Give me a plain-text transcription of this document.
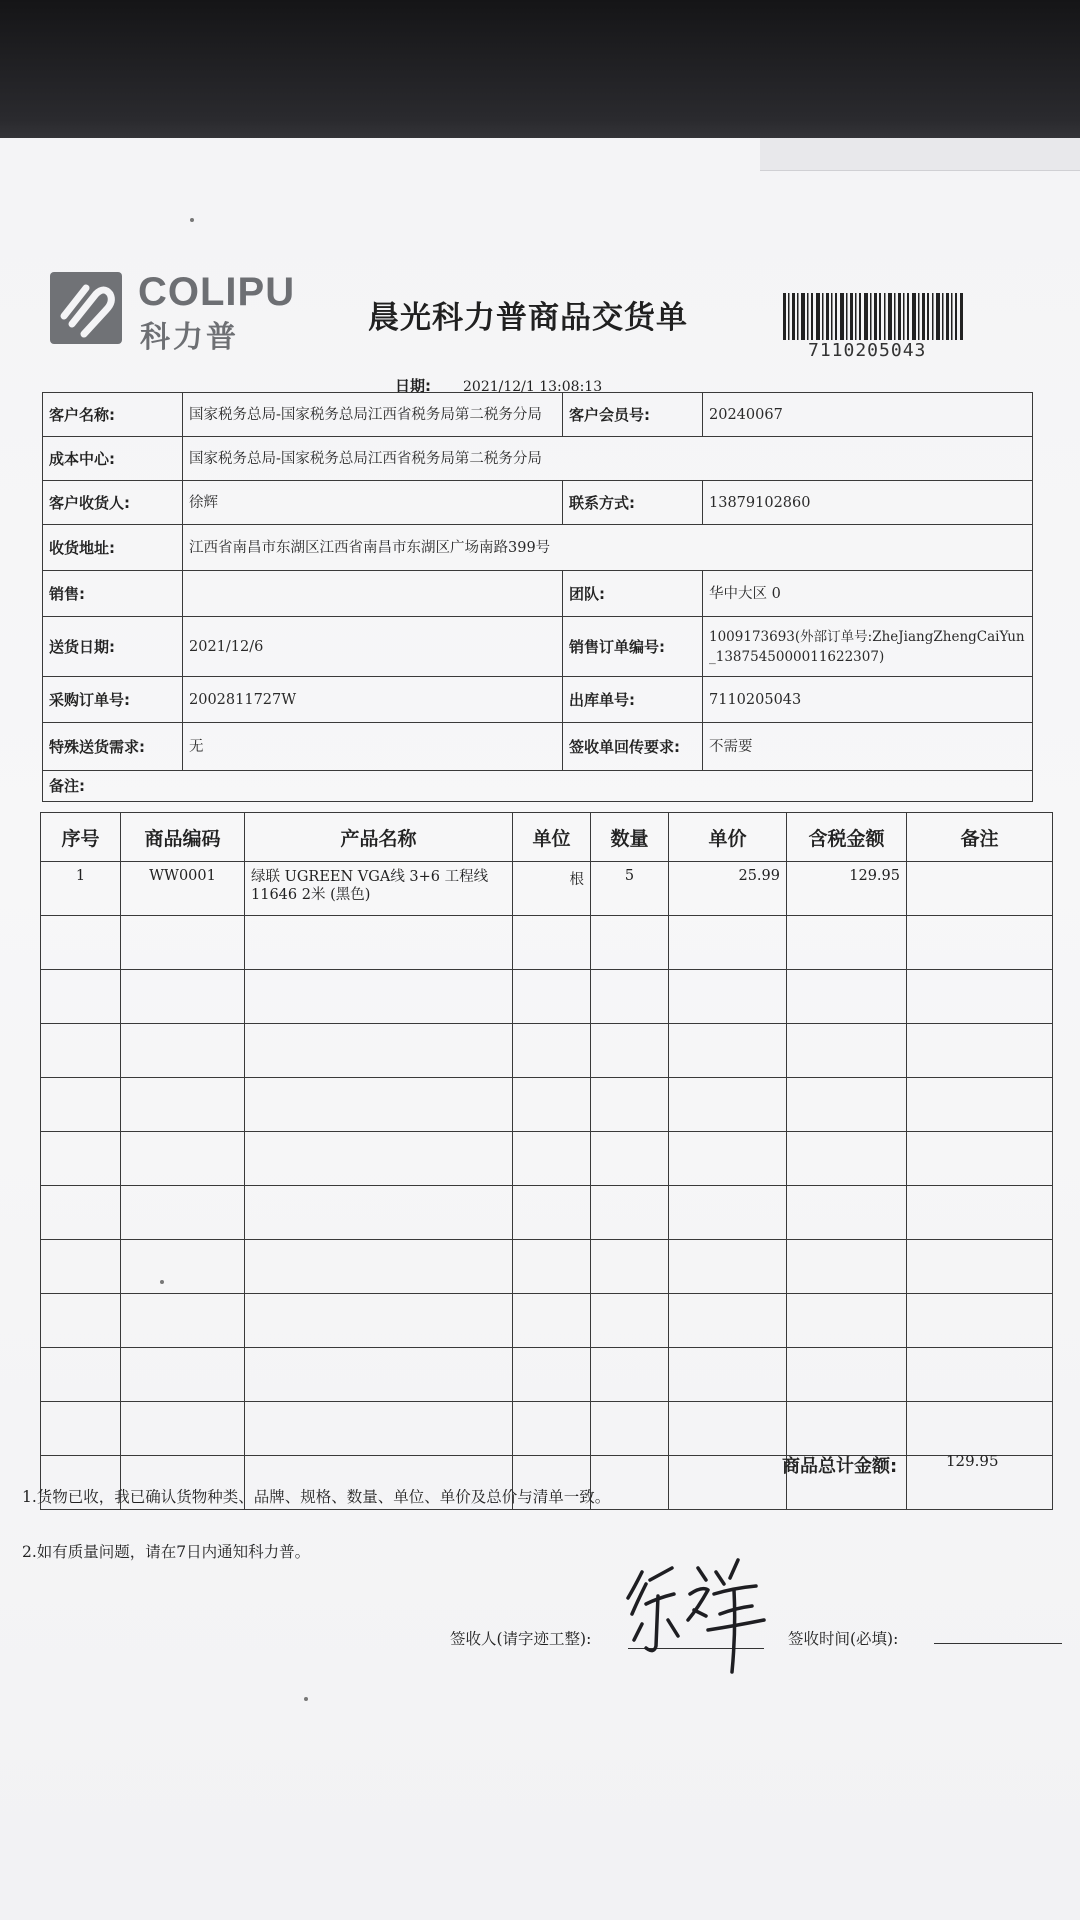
COLIPU
科力普
晨光科力普商品交货单
7110205043
日期: 2021/12/1 13:08:13
客户名称:	国家税务总局-国家税务总局江西省税务局第二税务分局	客户会员号:	20240067
成本中心:	国家税务总局-国家税务总局江西省税务局第二税务分局		
客户收货人:	徐辉	联系方式:	13879102860
收货地址:	江西省南昌市东湖区江西省南昌市东湖区广场南路399号		
销售:		团队:	华中大区 0
送货日期:	2021/12/6	销售订单编号:	1009173693(外部订单号:ZheJiangZhengCaiYun_1387545000011622307)
采购订单号:	2002811727W	出库单号:	7110205043
特殊送货需求:	无	签收单回传要求:	不需要
备注:			
序号	商品编码	产品名称	单位	数量	单价	含税金额	备注
1	WW0001	绿联 UGREEN VGA线 3+6 工程线 11646 2米 (黑色)	根	5	25.99	129.95	

商品总计金额:	129.95
1.货物已收，我已确认货物种类、品牌、规格、数量、单位、单价及总价与清单一致。
2.如有质量问题，请在7日内通知科力普。
签收人(请字迹工整):	签收时间(必填):
